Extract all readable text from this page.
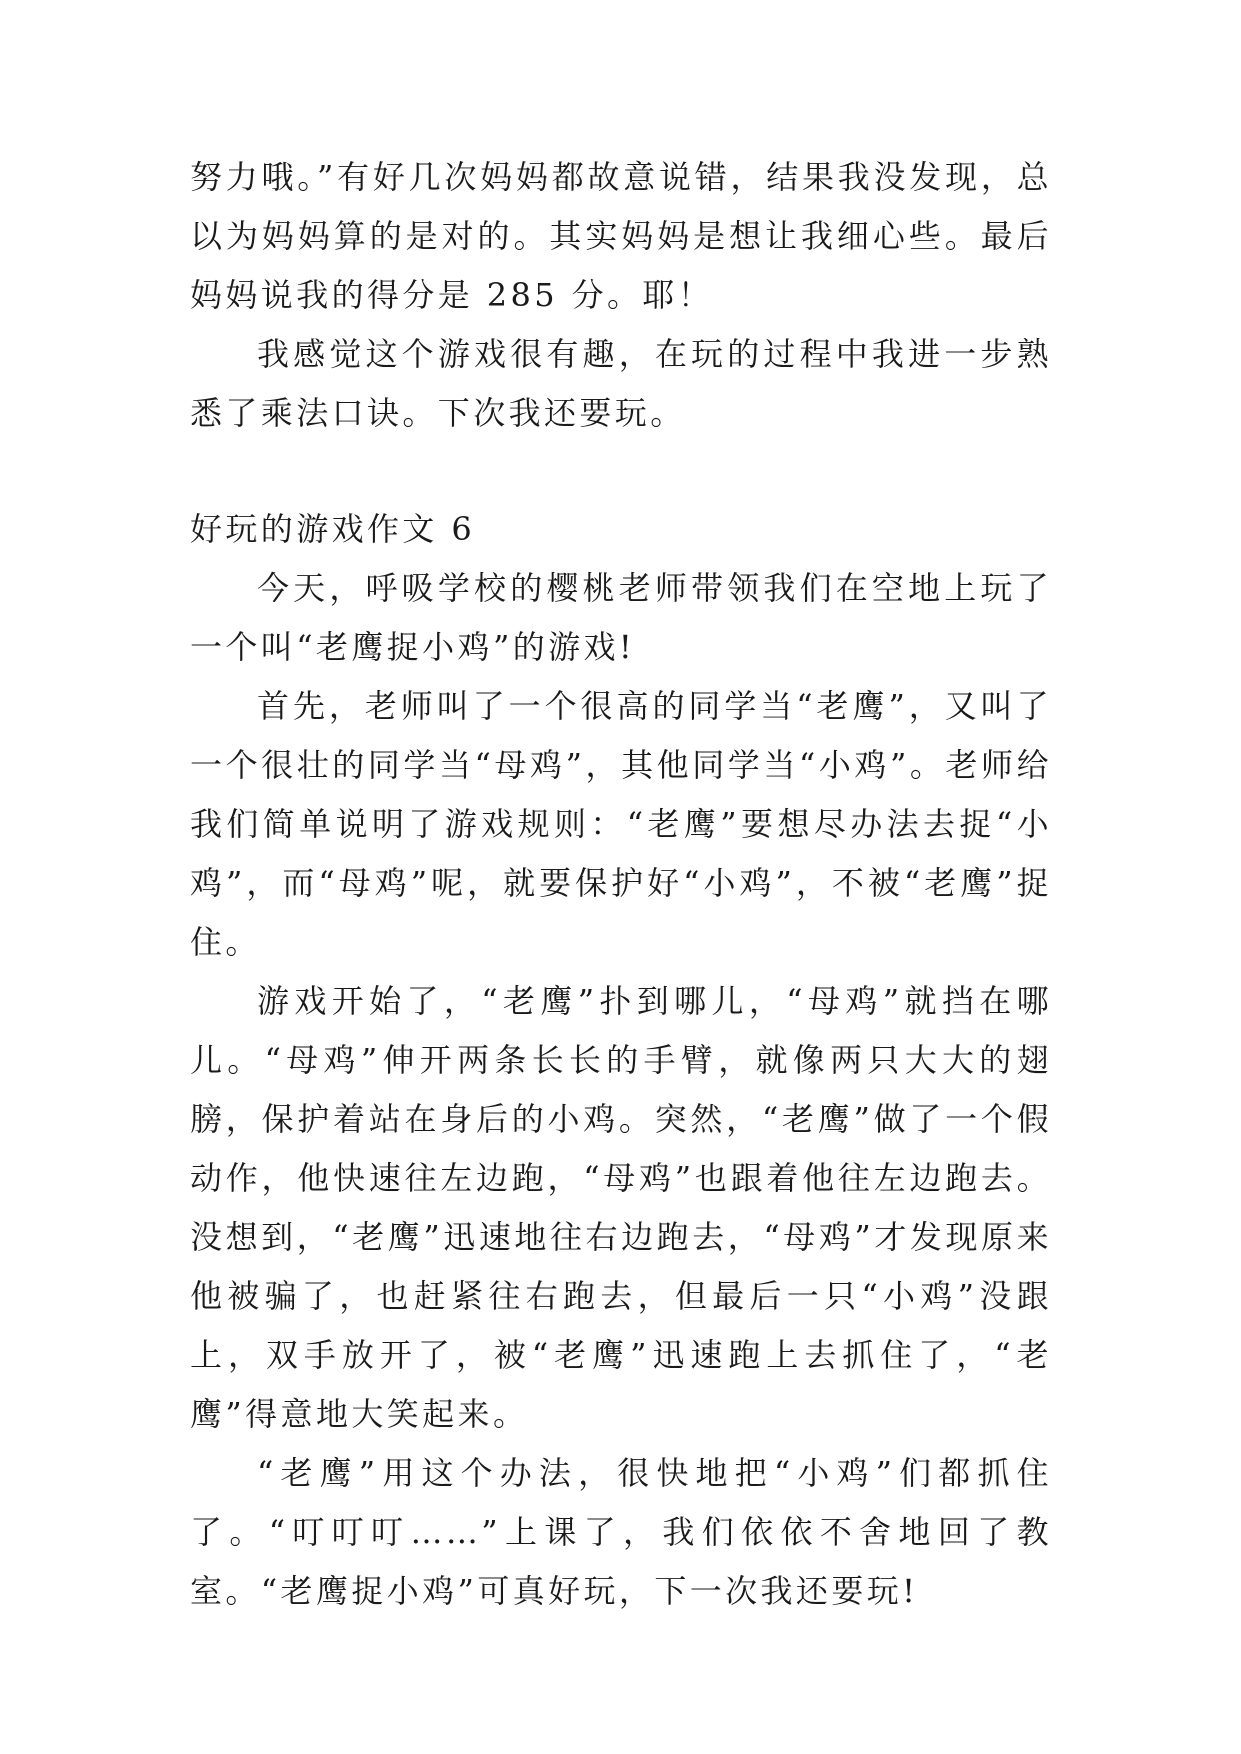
努力哦。”有好几次妈妈都故意说错，结果我没发现，总以为妈妈算的是对的。其实妈妈是想让我细心些。最后妈妈说我的得分是 285 分。耶！

我感觉这个游戏很有趣，在玩的过程中我进一步熟悉了乘法口诀。下次我还要玩。

好玩的游戏作文 6

今天，呼吸学校的樱桃老师带领我们在空地上玩了一个叫“老鹰捉小鸡”的游戏!

首先，老师叫了一个很高的同学当“老鹰”，又叫了一个很壮的同学当“母鸡”，其他同学当“小鸡”。老师给我们简单说明了游戏规则：“老鹰”要想尽办法去捉“小鸡”，而“母鸡”呢，就要保护好“小鸡”，不被“老鹰”捉住。

游戏开始了，“老鹰”扑到哪儿，“母鸡”就挡在哪儿。“母鸡”伸开两条长长的手臂，就像两只大大的翅膀，保护着站在身后的小鸡。突然，“老鹰”做了一个假动作，他快速往左边跑，“母鸡”也跟着他往左边跑去。没想到，“老鹰”迅速地往右边跑去，“母鸡”才发现原来他被骗了，也赶紧往右跑去，但最后一只“小鸡”没跟上，双手放开了，被“老鹰”迅速跑上去抓住了，“老鹰”得意地大笑起来。

“老鹰”用这个办法，很快地把“小鸡”们都抓住了。“叮叮叮……”上课了，我们依依不舍地回了教室。“老鹰捉小鸡”可真好玩，下一次我还要玩!
